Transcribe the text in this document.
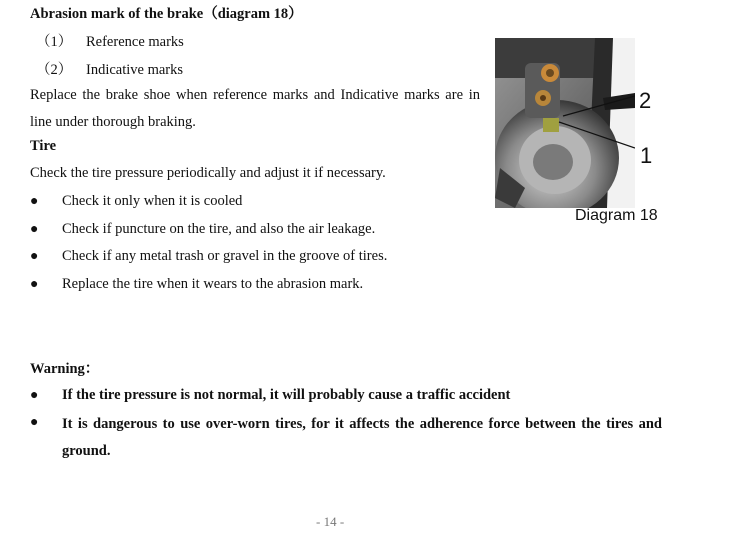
Abrasion mark of the brake（diagram 18）
（1） Reference marks
（2） Indicative marks
Replace the brake shoe when reference marks and Indicative marks are in line under thorough braking.
Tire
Check the tire pressure periodically and adjust it if necessary.
● Check it only when it is cooled
● Check if puncture on the tire, and also the air leakage.
● Check if any metal trash or gravel in the groove of tires.
● Replace the tire when it wears to the abrasion mark.
Warning：
● If the tire pressure is not normal, it will probably cause a traffic accident
● It is dangerous to use over-worn tires, for it affects the adherence force between the tires and ground.
2
1
Diagram 18
- 14 -
